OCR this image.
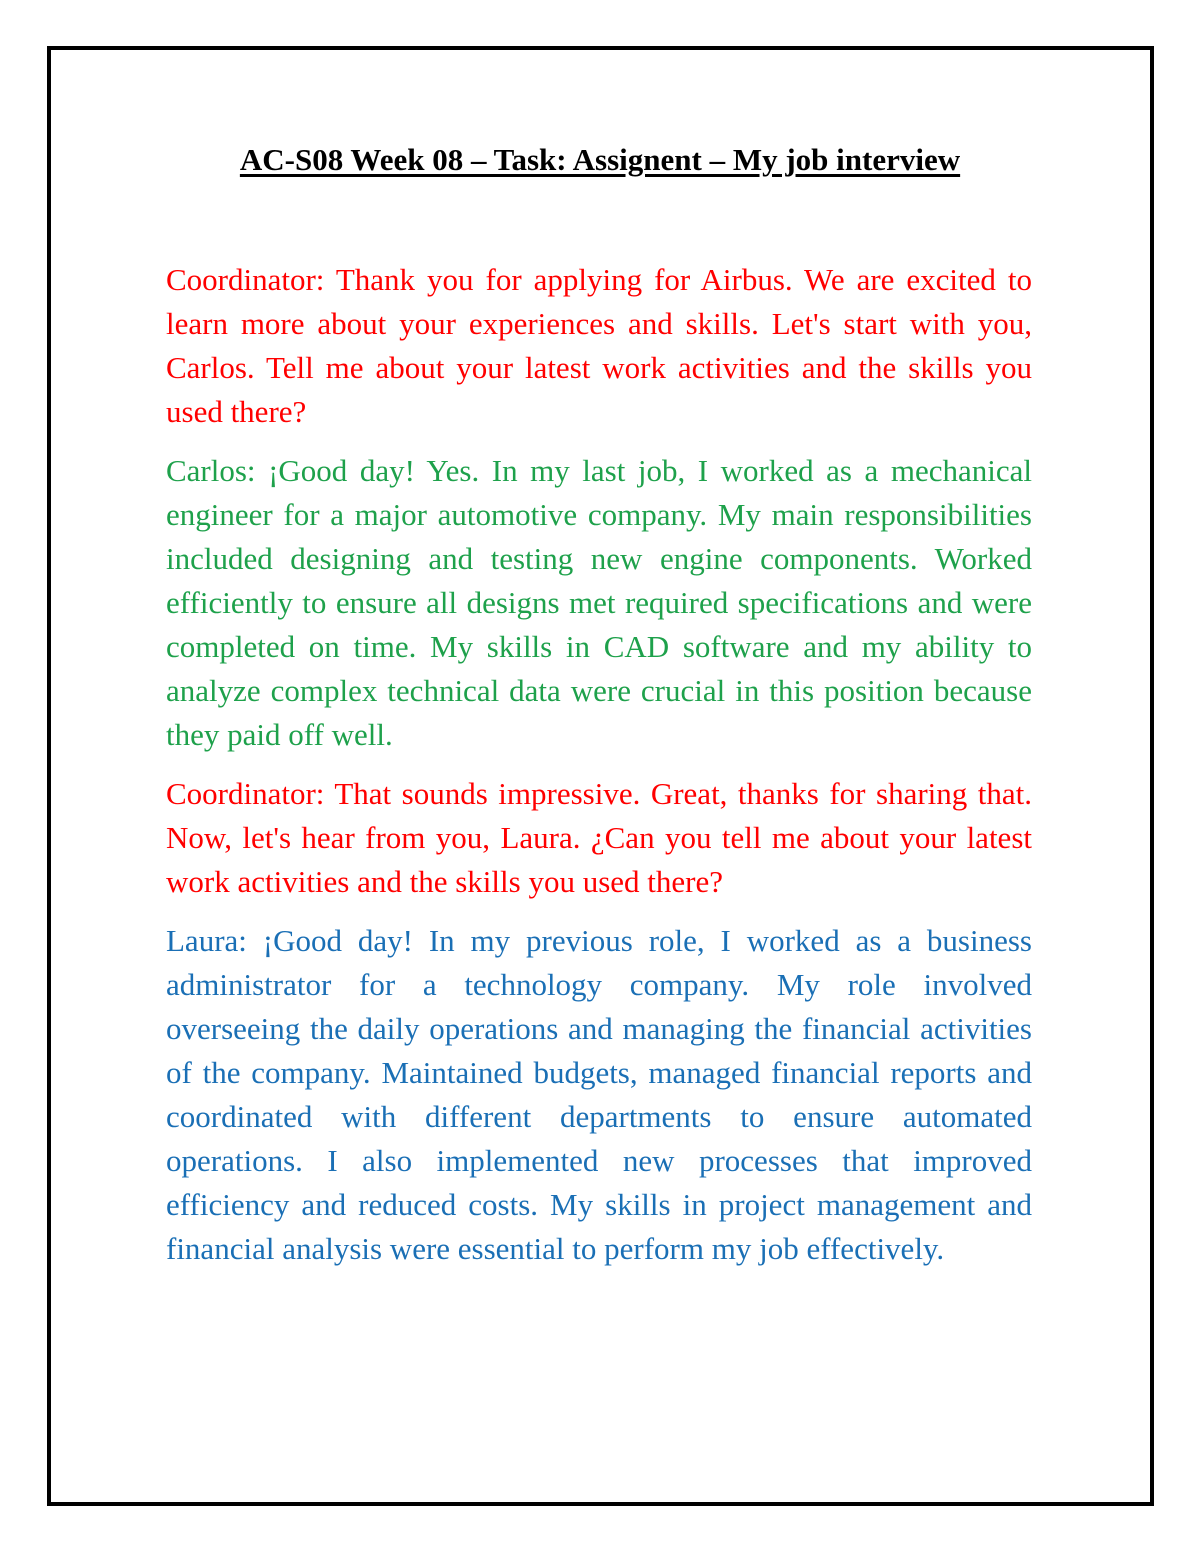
AC-S08 Week 08 – Task: Assignent – My job interview

Coordinator: Thank you for applying for Airbus. We are excited to learn more about your experiences and skills. Let's start with you, Carlos. Tell me about your latest work activities and the skills you used there?

Carlos: ¡Good day! Yes. In my last job, I worked as a mechanical engineer for a major automotive company. My main responsibilities included designing and testing new engine components. Worked efficiently to ensure all designs met required specifications and were completed on time. My skills in CAD software and my ability to analyze complex technical data were crucial in this position because they paid off well.

Coordinator: That sounds impressive. Great, thanks for sharing that. Now, let's hear from you, Laura. ¿Can you tell me about your latest work activities and the skills you used there?

Laura: ¡Good day! In my previous role, I worked as a business administrator for a technology company. My role involved overseeing the daily operations and managing the financial activities of the company. Maintained budgets, managed financial reports and coordinated with different departments to ensure automated operations. I also implemented new processes that improved efficiency and reduced costs. My skills in project management and financial analysis were essential to perform my job effectively.
